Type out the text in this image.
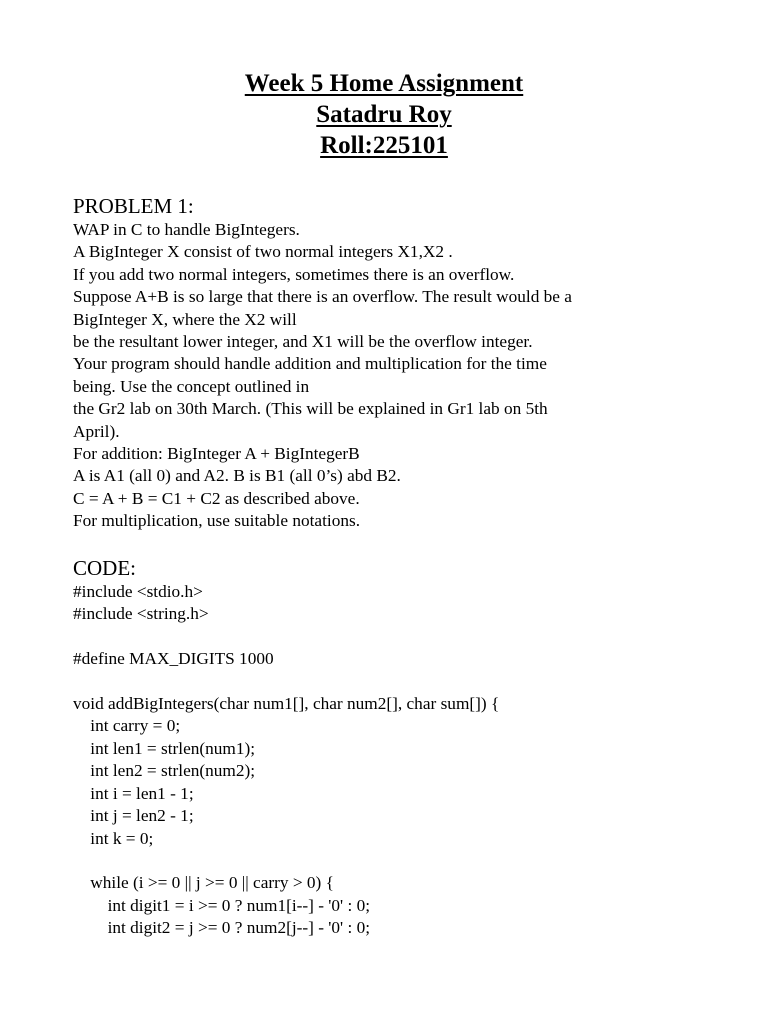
Week 5 Home Assignment
Satadru Roy
Roll:225101
PROBLEM 1:
WAP in C to handle BigIntegers.
A BigInteger X consist of two normal integers X1,X2 .
If you add two normal integers, sometimes there is an overflow.
Suppose A+B is so large that there is an overflow. The result would be a
BigInteger X, where the X2 will
be the resultant lower integer, and X1 will be the overflow integer.
Your program should handle addition and multiplication for the time
being. Use the concept outlined in
the Gr2 lab on 30th March. (This will be explained in Gr1 lab on 5th
April).
For addition: BigInteger A + BigIntegerB
A is A1 (all 0) and A2. B is B1 (all 0’s) abd B2.
C = A + B = C1 + C2 as described above.
For multiplication, use suitable notations.
CODE:
#include <stdio.h>
#include <string.h>
#define MAX_DIGITS 1000
void addBigIntegers(char num1[], char num2[], char sum[]) {
int carry = 0;
int len1 = strlen(num1);
int len2 = strlen(num2);
int i = len1 - 1;
int j = len2 - 1;
int k = 0;
while (i >= 0 || j >= 0 || carry > 0) {
int digit1 = i >= 0 ? num1[i--] - '0' : 0;
int digit2 = j >= 0 ? num2[j--] - '0' : 0;
